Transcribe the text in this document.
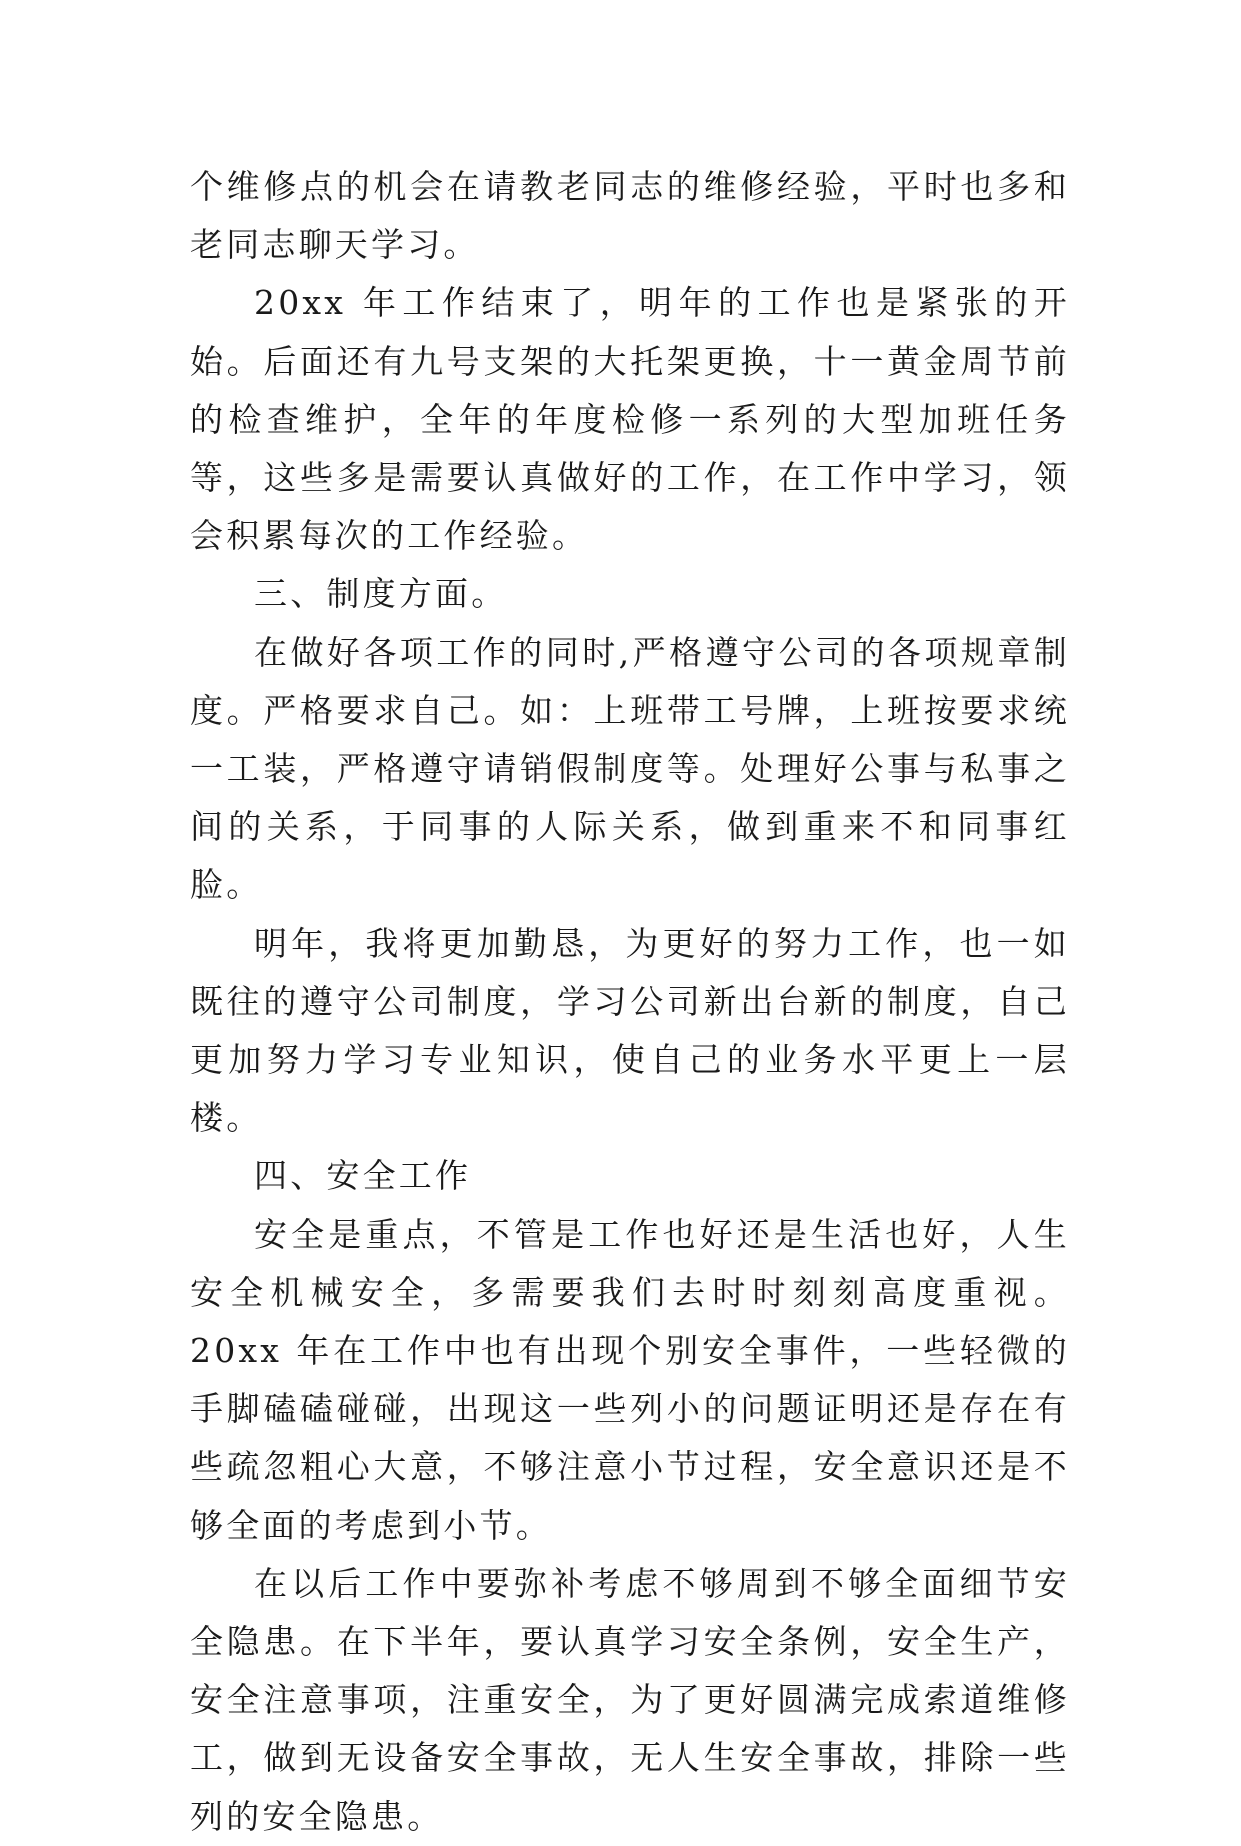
个维修点的机会在请教老同志的维修经验，平时也多和老同志聊天学习。

20xx 年工作结束了，明年的工作也是紧张的开始。后面还有九号支架的大托架更换，十一黄金周节前的检查维护，全年的年度检修一系列的大型加班任务等，这些多是需要认真做好的工作，在工作中学习，领会积累每次的工作经验。

三、制度方面。

在做好各项工作的同时,严格遵守公司的各项规章制度。严格要求自己。如：上班带工号牌，上班按要求统一工装，严格遵守请销假制度等。处理好公事与私事之间的关系，于同事的人际关系，做到重来不和同事红脸。

明年，我将更加勤恳，为更好的努力工作，也一如既往的遵守公司制度，学习公司新出台新的制度，自己更加努力学习专业知识，使自己的业务水平更上一层楼。

四、安全工作

安全是重点，不管是工作也好还是生活也好，人生安全机械安全，多需要我们去时时刻刻高度重视。20xx 年在工作中也有出现个别安全事件，一些轻微的手脚磕磕碰碰，出现这一些列小的问题证明还是存在有些疏忽粗心大意，不够注意小节过程，安全意识还是不够全面的考虑到小节。

在以后工作中要弥补考虑不够周到不够全面细节安全隐患。在下半年，要认真学习安全条例，安全生产，安全注意事项，注重安全，为了更好圆满完成索道维修工，做到无设备安全事故，无人生安全事故，排除一些列的安全隐患。
